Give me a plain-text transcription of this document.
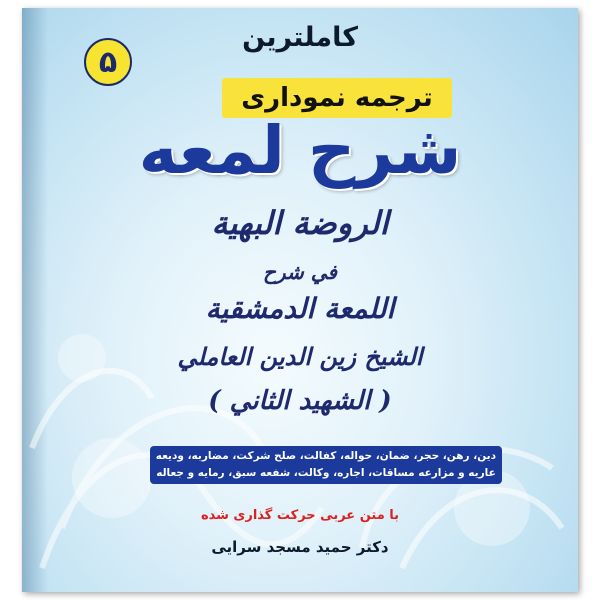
کاملترین
۵
ترجمه نموداری
شرح لمعه
الروضة البهية
في شرح
اللمعة الدمشقية
الشيخ زين الدين العاملي
( الشهيد الثاني )
دین، رهن، حجر، ضمان، حواله، کفالت، صلح شرکت، مضاربه، ودیعه
عاریه و مزارعه مساقات، اجاره، وکالت، شفعه سبق، رمایه و جعاله
با متن عربی حرکت گذاری شده
دکتر حمید مسجد سرایی
